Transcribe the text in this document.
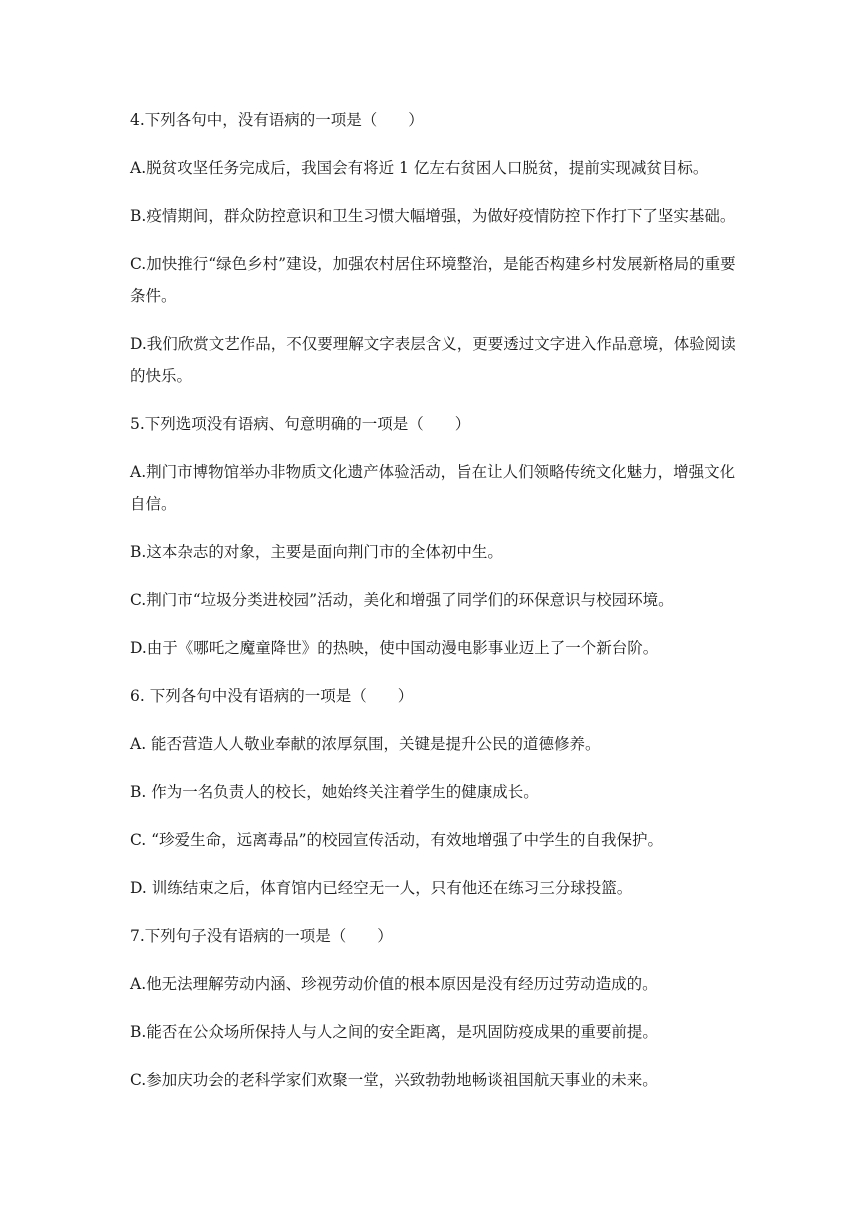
4.下列各句中，没有语病的一项是（　　）

A.脱贫攻坚任务完成后，我国会有将近 1 亿左右贫困人口脱贫，提前实现减贫目标。

B.疫情期间，群众防控意识和卫生习惯大幅增强，为做好疫情防控下作打下了坚实基础。

C.加快推行“绿色乡村”建设，加强农村居住环境整治，是能否构建乡村发展新格局的重要条件。

D.我们欣赏文艺作品，不仅要理解文字表层含义，更要透过文字进入作品意境，体验阅读的快乐。

5.下列选项没有语病、句意明确的一项是（　　）

A.荆门市博物馆举办非物质文化遗产体验活动，旨在让人们领略传统文化魅力，增强文化自信。

B.这本杂志的对象，主要是面向荆门市的全体初中生。

C.荆门市“垃圾分类进校园”活动，美化和增强了同学们的环保意识与校园环境。

D.由于《哪吒之魔童降世》的热映，使中国动漫电影事业迈上了一个新台阶。

6. 下列各句中没有语病的一项是（　　）

A. 能否营造人人敬业奉献的浓厚氛围，关键是提升公民的道德修养。

B. 作为一名负责人的校长，她始终关注着学生的健康成长。

C. “珍爱生命，远离毒品”的校园宣传活动，有效地增强了中学生的自我保护。

D. 训练结束之后，体育馆内已经空无一人，只有他还在练习三分球投篮。

7.下列句子没有语病的一项是（　　）

A.他无法理解劳动内涵、珍视劳动价值的根本原因是没有经历过劳动造成的。

B.能否在公众场所保持人与人之间的安全距离，是巩固防疫成果的重要前提。

C.参加庆功会的老科学家们欢聚一堂，兴致勃勃地畅谈祖国航天事业的未来。
